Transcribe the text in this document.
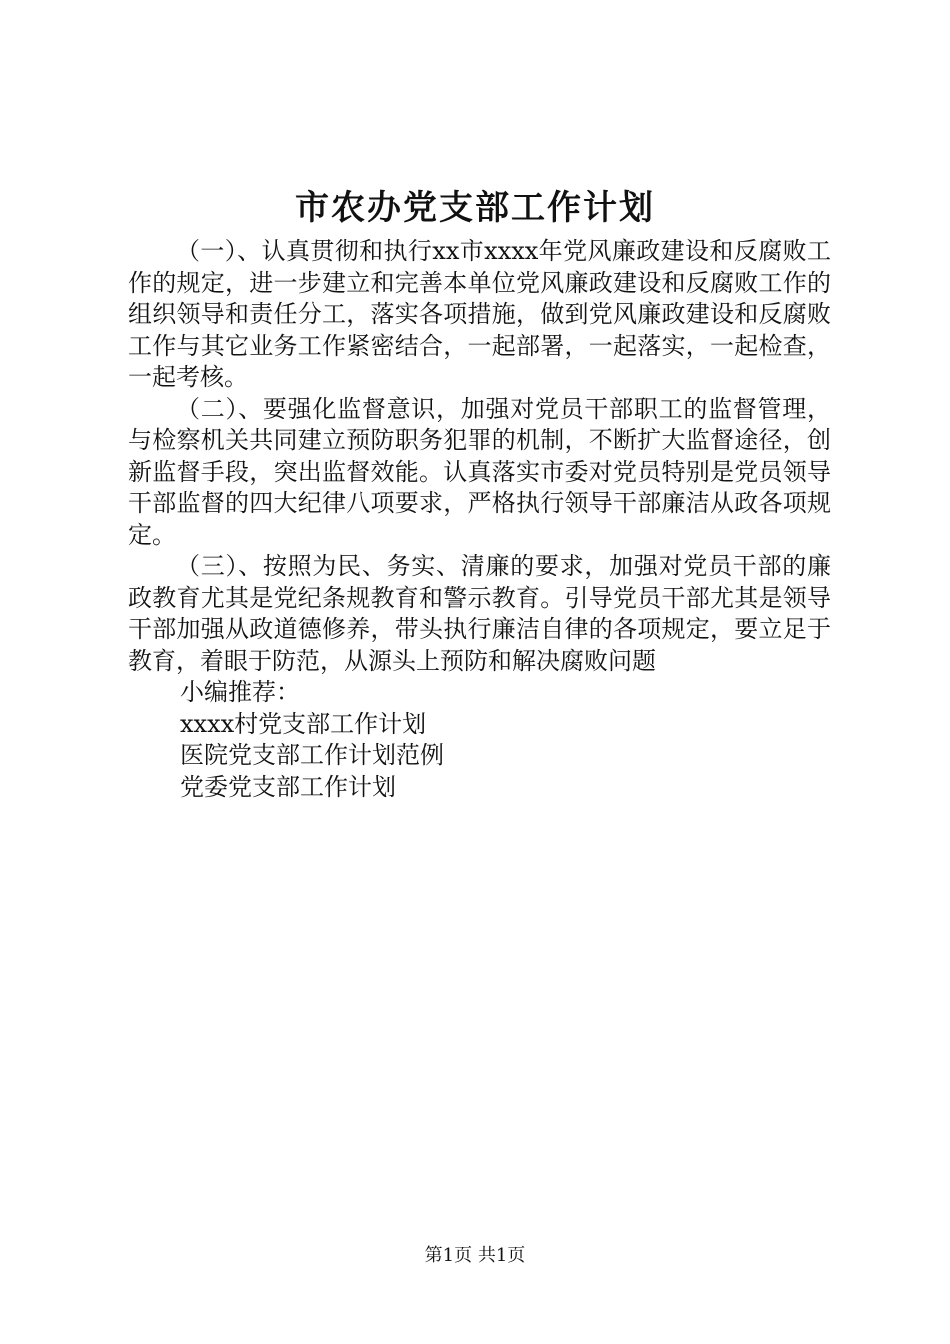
市农办党支部工作计划

（一）、认真贯彻和执行xx市xxxx年党风廉政建设和反腐败工作的规定，进一步建立和完善本单位党风廉政建设和反腐败工作的组织领导和责任分工，落实各项措施，做到党风廉政建设和反腐败工作与其它业务工作紧密结合，一起部署，一起落实，一起检查，一起考核。

（二）、要强化监督意识，加强对党员干部职工的监督管理，与检察机关共同建立预防职务犯罪的机制，不断扩大监督途径，创新监督手段，突出监督效能。认真落实市委对党员特别是党员领导干部监督的四大纪律八项要求，严格执行领导干部廉洁从政各项规定。

（三）、按照为民、务实、清廉的要求，加强对党员干部的廉政教育尤其是党纪条规教育和警示教育。引导党员干部尤其是领导干部加强从政道德修养，带头执行廉洁自律的各项规定，要立足于教育，着眼于防范，从源头上预防和解决腐败问题

小编推荐：
xxxx村党支部工作计划
医院党支部工作计划范例
党委党支部工作计划
第1页 共1页
